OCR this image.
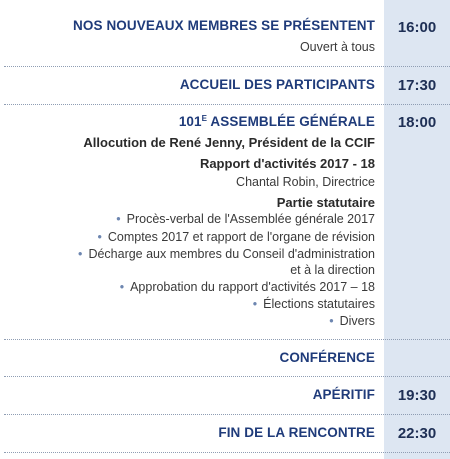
NOS NOUVEAUX MEMBRES SE PRÉSENTENT	16:00
Ouvert à tous
ACCUEIL DES PARTICIPANTS	17:30
$101^E$ ASSEMBLÉE GÉNÉRALE	18:00
Allocution de René Jenny, Président de la CCIF
Rapport d'activités 2017 - 18
Chantal Robin, Directrice
Partie statutaire
• Procès-verbal de l'Assemblée générale 2017
• Comptes 2017 et rapport de l'organe de révision
• Décharge aux membres du Conseil d'administration
et à la direction
• Approbation du rapport d'activités 2017 – 18
• Élections statutaires
• Divers
CONFÉRENCE
APÉRITIF	19:30
FIN DE LA RENCONTRE	22:30
